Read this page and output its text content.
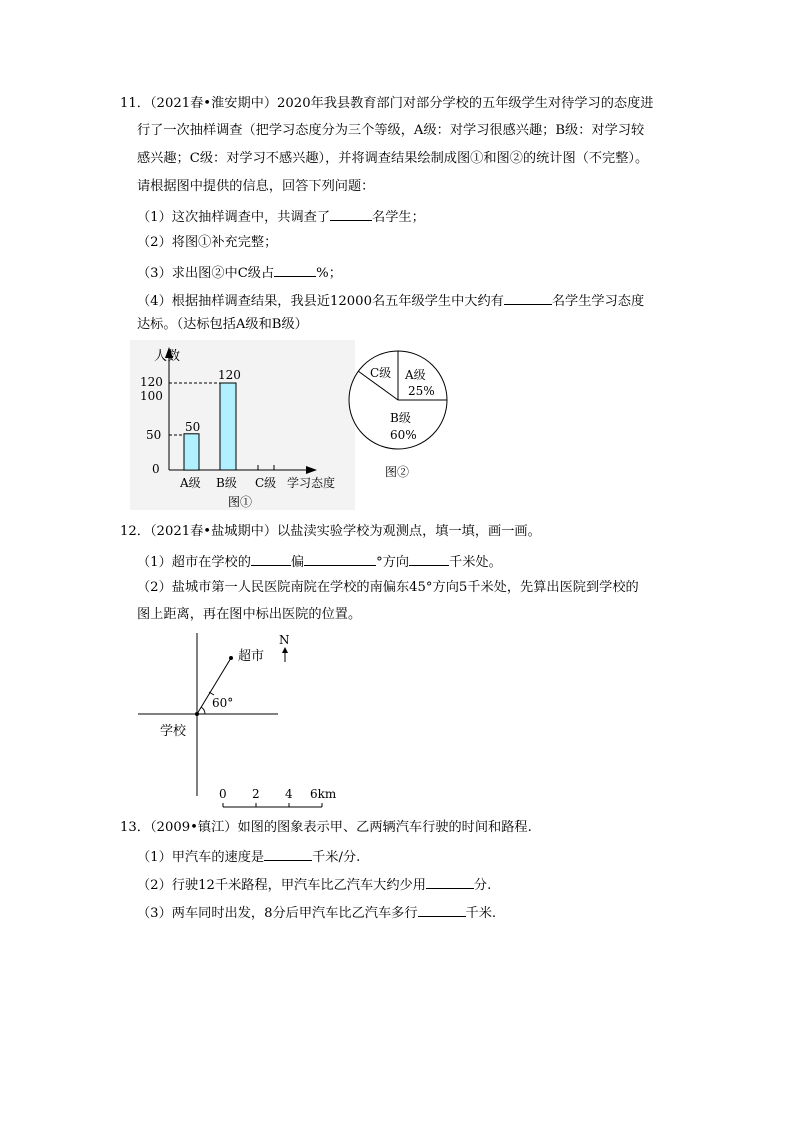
11．（2021春•淮安期中）2020年我县教育部门对部分学校的五年级学生对待学习的态度进
行了一次抽样调查（把学习态度分为三个等级，A级：对学习很感兴趣；B级：对学习较
感兴趣；C级：对学习不感兴趣），并将调查结果绘制成图①和图②的统计图（不完整）。
请根据图中提供的信息，回答下列问题：
（1）这次抽样调查中，共调查了	名学生；
（2）将图①补充完整；
（3）求出图②中C级占	%；
（4）根据抽样调查结果，我县近12000名五年级学生中大约有	名学生学习态度
达标。（达标包括A级和B级）
人数
120
100
50
0
50
120
A级 B级 C级 学习态度
图①
C级 A级
25%
B级
60%
图②
12．（2021春•盐城期中）以盐渎实验学校为观测点，填一填，画一画。
（1）超市在学校的	偏	°方向	千米处。
（2）盐城市第一人民医院南院在学校的南偏东45°方向5千米处，先算出医院到学校的
图上距离，再在图中标出医院的位置。
超市
60°
学校
N
0 2 4 6km
13．（2009•镇江）如图的图象表示甲、乙两辆汽车行驶的时间和路程.
（1）甲汽车的速度是	千米/分.
（2）行驶12千米路程，甲汽车比乙汽车大约少用	分.
（3）两车同时出发，8分后甲汽车比乙汽车多行	千米.
